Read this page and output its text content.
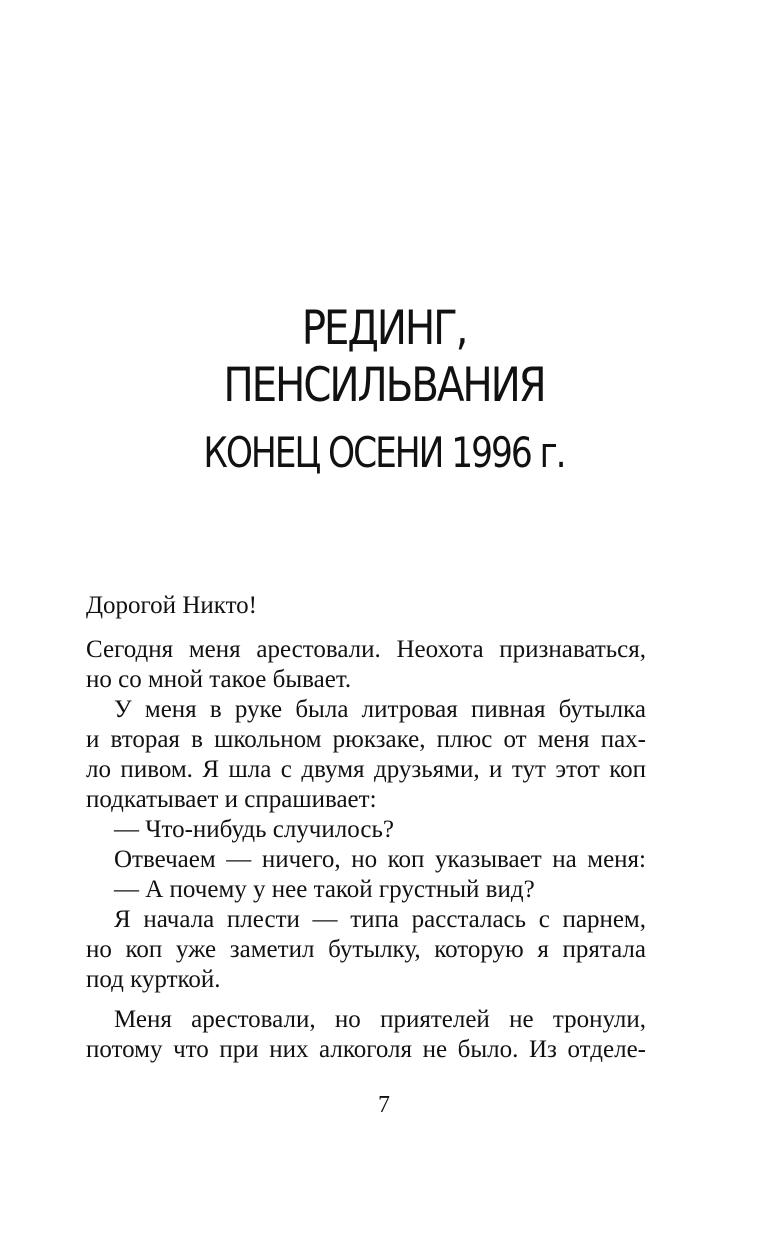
РЕДИНГ,
ПЕНСИЛЬВАНИЯ
КОНЕЦ ОСЕНИ 1996 г.

Дорогой Никто!

Сегодня меня арестовали. Неохота признаваться,
но со мной такое бывает.
У меня в руке была литровая пивная бутылка
и вторая в школьном рюкзаке, плюс от меня пах-
ло пивом. Я шла с двумя друзьями, и тут этот коп
подкатывает и спрашивает:
— Что-нибудь случилось?
Отвечаем — ничего, но коп указывает на меня:
— А почему у нее такой грустный вид?
Я начала плести — типа рассталась с парнем,
но коп уже заметил бутылку, которую я прятала
под курткой.
Меня арестовали, но приятелей не тронули,
потому что при них алкоголя не было. Из отделе-
7
